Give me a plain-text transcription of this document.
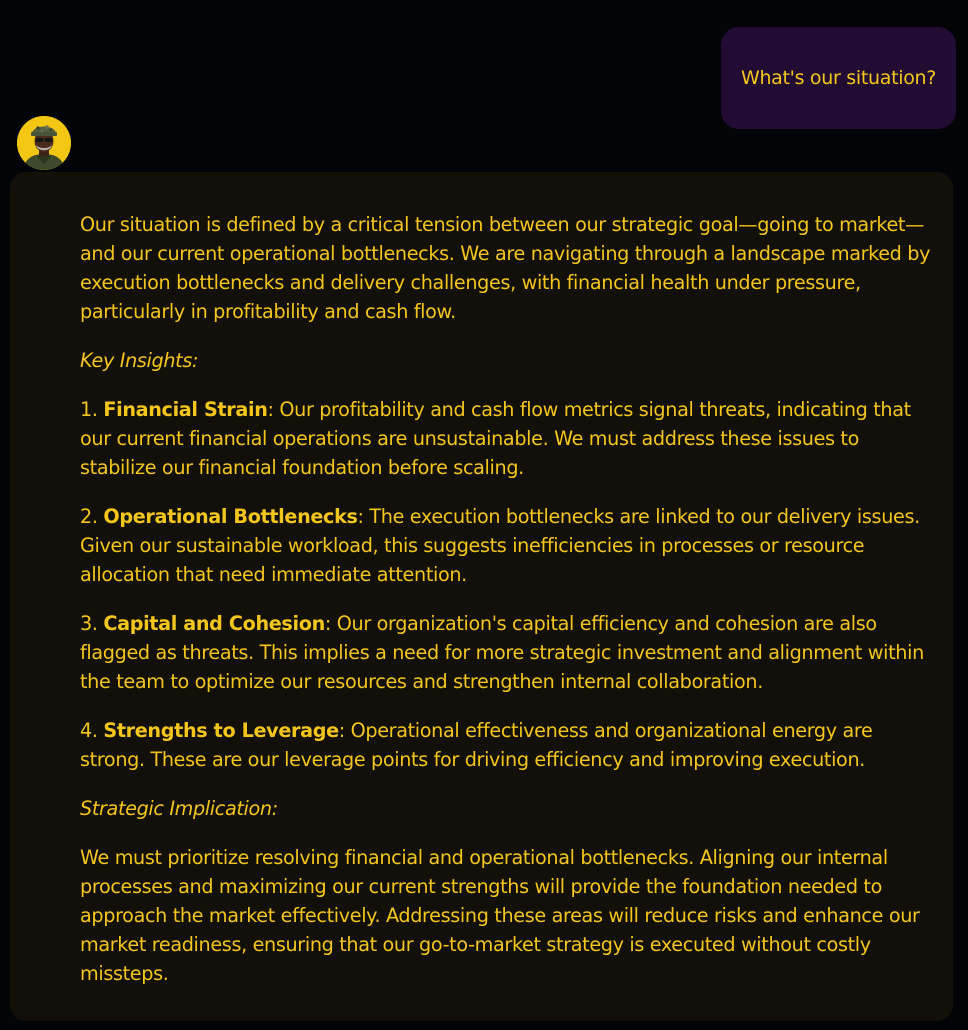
What's our situation?

Our situation is defined by a critical tension between our strategic goal—going to market—and our current operational bottlenecks. We are navigating through a landscape marked by execution bottlenecks and delivery challenges, with financial health under pressure, particularly in profitability and cash flow.

Key Insights:

1. Financial Strain: Our profitability and cash flow metrics signal threats, indicating that our current financial operations are unsustainable. We must address these issues to stabilize our financial foundation before scaling.

2. Operational Bottlenecks: The execution bottlenecks are linked to our delivery issues. Given our sustainable workload, this suggests inefficiencies in processes or resource allocation that need immediate attention.

3. Capital and Cohesion: Our organization's capital efficiency and cohesion are also flagged as threats. This implies a need for more strategic investment and alignment within the team to optimize our resources and strengthen internal collaboration.

4. Strengths to Leverage: Operational effectiveness and organizational energy are strong. These are our leverage points for driving efficiency and improving execution.

Strategic Implication:

We must prioritize resolving financial and operational bottlenecks. Aligning our internal processes and maximizing our current strengths will provide the foundation needed to approach the market effectively. Addressing these areas will reduce risks and enhance our market readiness, ensuring that our go-to-market strategy is executed without costly missteps.
